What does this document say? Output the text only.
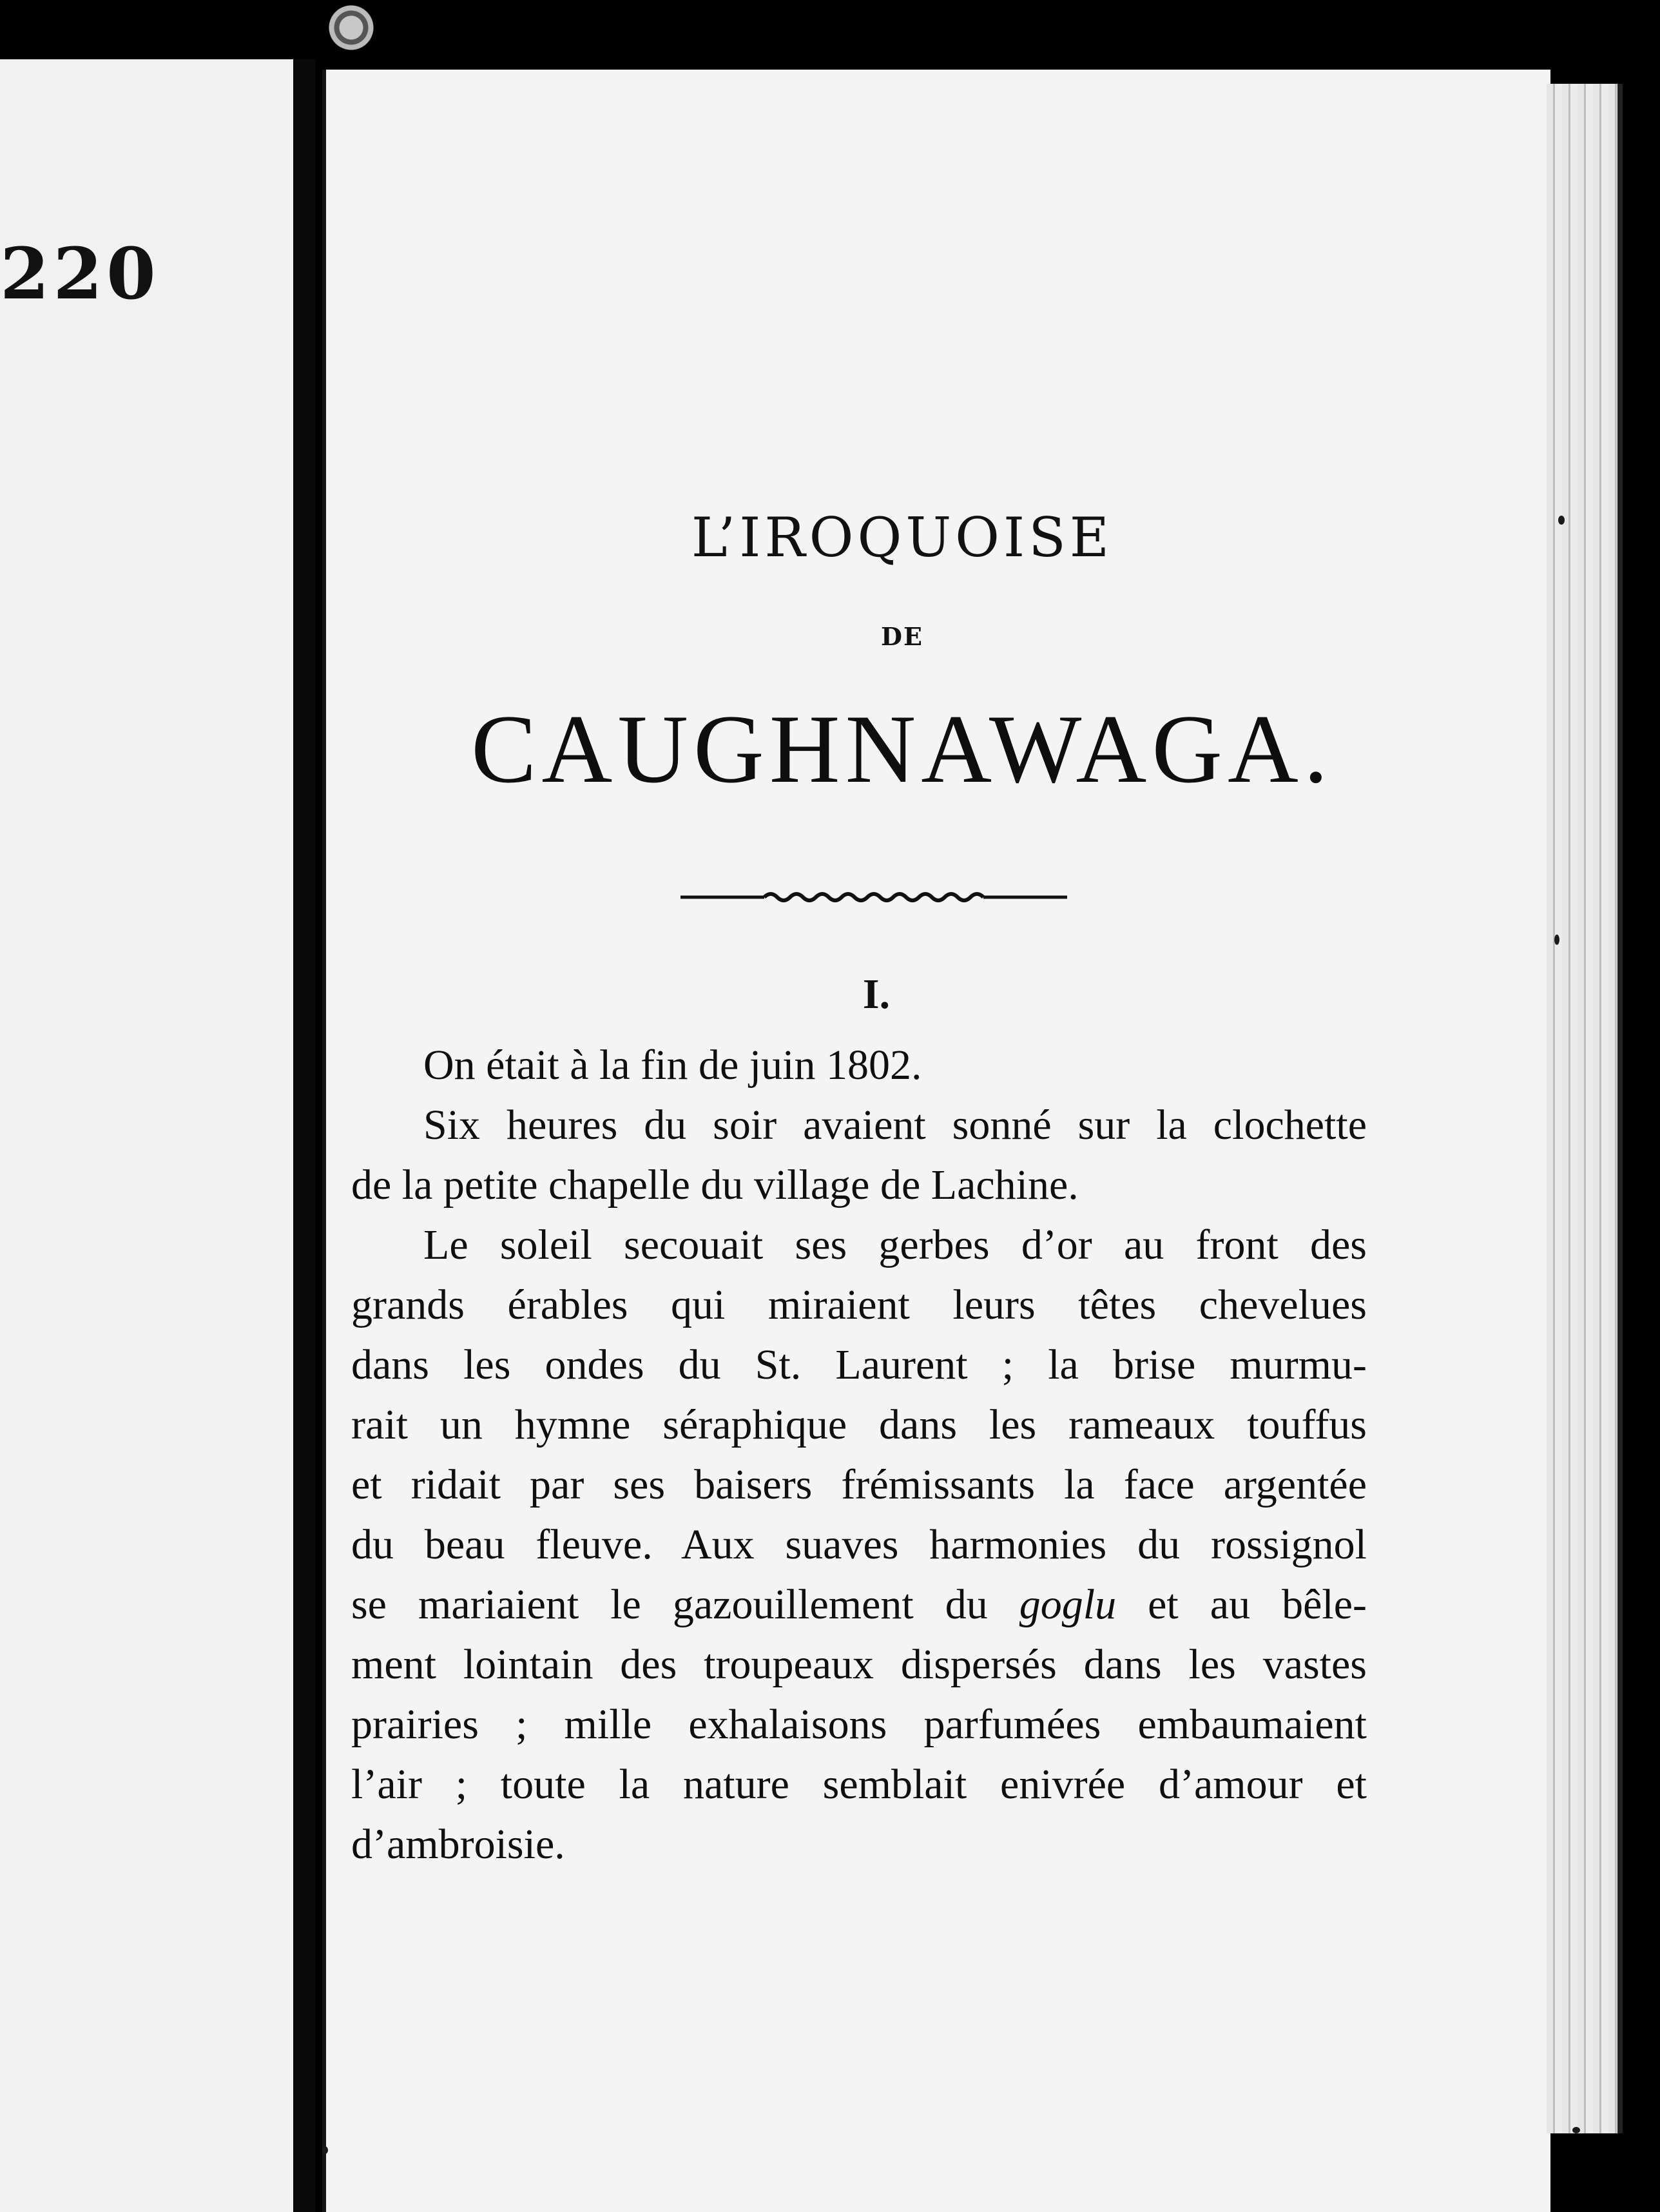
220
L’IROQUOISE
DE
CAUGHNAWAGA.
I.
On était à la fin de juin 1802.
Six heures du soir avaient sonné sur la clochette
de la petite chapelle du village de Lachine.
Le soleil secouait ses gerbes d’or au front des
grands érables qui miraient leurs têtes chevelues
dans les ondes du St. Laurent ; la brise murmu-
rait un hymne séraphique dans les rameaux touffus
et ridait par ses baisers frémissants la face argentée
du beau fleuve. Aux suaves harmonies du rossignol
se mariaient le gazouillement du goglu et au bêle-
ment lointain des troupeaux dispersés dans les vastes
prairies ; mille exhalaisons parfumées embaumaient
l’air ; toute la nature semblait enivrée d’amour et
d’ambroisie.
